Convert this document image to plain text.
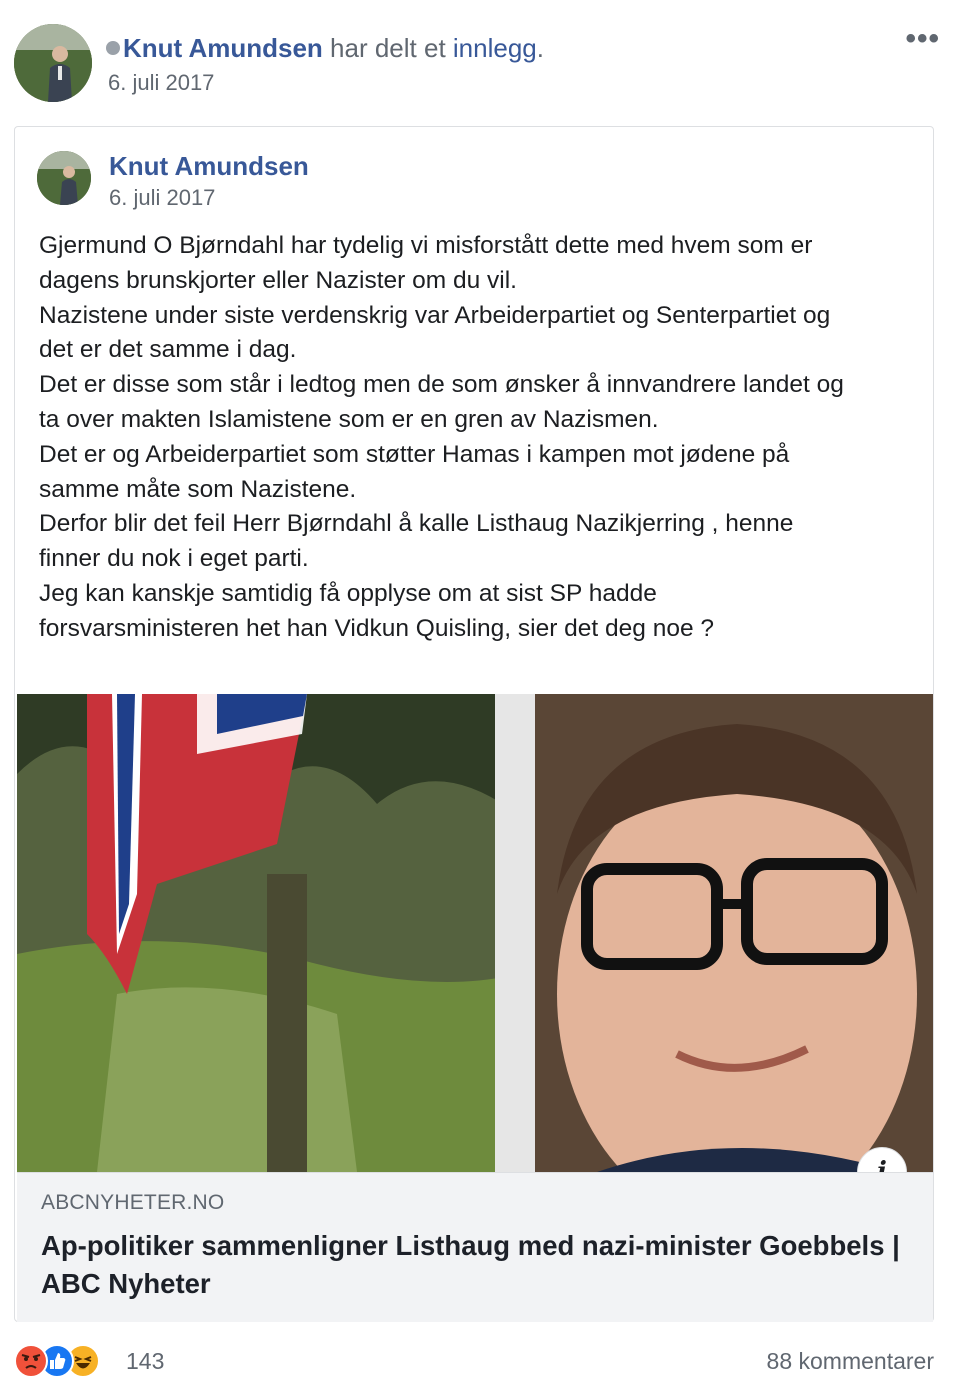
Knut Amundsen har delt et innlegg.
6. juli 2017
•••
Knut Amundsen
6. juli 2017

Gjermund O Bjørndahl har tydelig vi misforstått dette med hvem som er

dagens brunskjorter eller Nazister om du vil.

Nazistene under siste verdenskrig var Arbeiderpartiet og Senterpartiet og

det er det samme i dag.

Det er disse som står i ledtog men de som ønsker å innvandrere landet og

ta over makten Islamistene som er en gren av Nazismen.

Det er og Arbeiderpartiet som støtter Hamas i kampen mot jødene på

samme måte som Nazistene.

Derfor blir det feil Herr Bjørndahl å kalle Listhaug Nazikjerring , henne

finner du nok i eget parti.

Jeg kan kanskje samtidig få opplyse om at sist SP hadde

forsvarsministeren het han Vidkun Quisling, sier det deg noe ?

ABCNYHETER.NO
Ap-politiker sammenligner Listhaug med nazi-minister Goebbels | ABC Nyheter
143	88 kommentarer
